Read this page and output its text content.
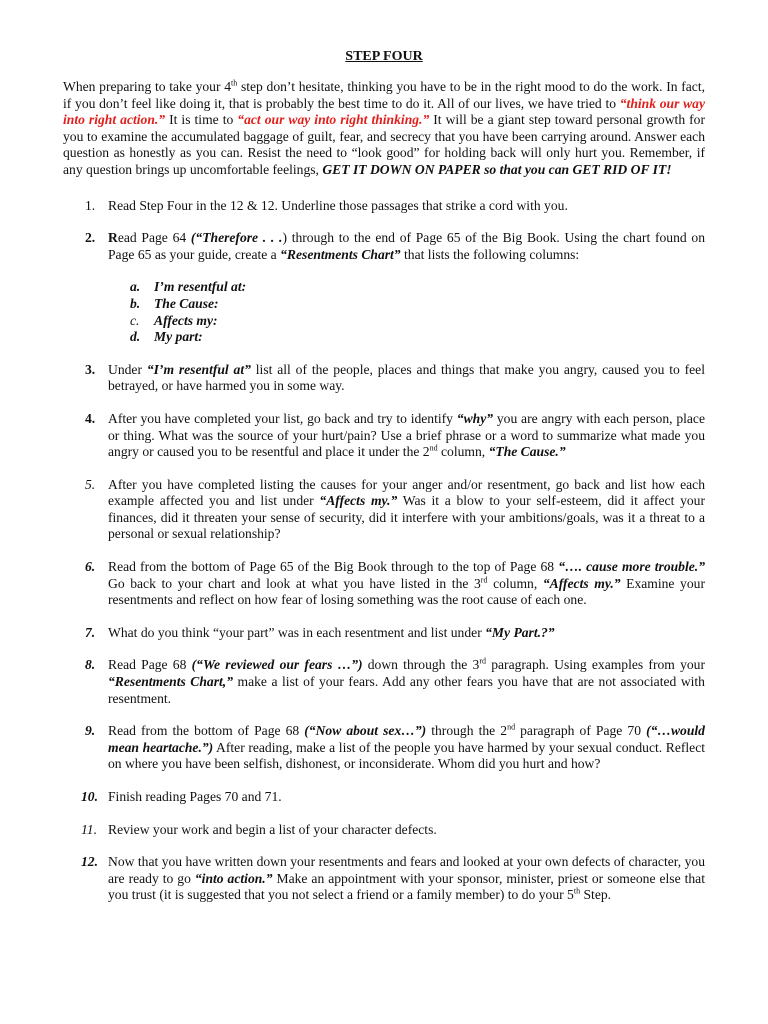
STEP FOUR

When preparing to take your 4th step don’t hesitate, thinking you have to be in the right mood to do the work. In fact, if you don’t feel like doing it, that is probably the best time to do it. All of our lives, we have tried to “think our way into right action.” It is time to “act our way into right thinking.” It will be a giant step toward personal growth for you to examine the accumulated baggage of guilt, fear, and secrecy that you have been carrying around. Answer each question as honestly as you can. Resist the need to “look good” for holding back will only hurt you. Remember, if any question brings up uncomfortable feelings, GET IT DOWN ON PAPER so that you can GET RID OF IT!

1. Read Step Four in the 12 & 12. Underline those passages that strike a cord with you.
2. Read Page 64 (“Therefore . . .) through to the end of Page 65 of the Big Book. Using the chart found on Page 65 as your guide, create a “Resentments Chart” that lists the following columns:
a. I’m resentful at:
b. The Cause:
c. Affects my:
d. My part:
3. Under “I’m resentful at” list all of the people, places and things that make you angry, caused you to feel betrayed, or have harmed you in some way.
4. After you have completed your list, go back and try to identify “why” you are angry with each person, place or thing. What was the source of your hurt/pain? Use a brief phrase or a word to summarize what made you angry or caused you to be resentful and place it under the 2nd column, “The Cause.”
5. After you have completed listing the causes for your anger and/or resentment, go back and list how each example affected you and list under “Affects my.” Was it a blow to your self-esteem, did it affect your finances, did it threaten your sense of security, did it interfere with your ambitions/goals, was it a threat to a personal or sexual relationship?
6. Read from the bottom of Page 65 of the Big Book through to the top of Page 68 “…. cause more trouble.” Go back to your chart and look at what you have listed in the 3rd column, “Affects my.” Examine your resentments and reflect on how fear of losing something was the root cause of each one.
7. What do you think “your part” was in each resentment and list under “My Part.?”
8. Read Page 68 (“We reviewed our fears …”) down through the 3rd paragraph. Using examples from your “Resentments Chart,” make a list of your fears. Add any other fears you have that are not associated with resentment.
9. Read from the bottom of Page 68 (“Now about sex…”) through the 2nd paragraph of Page 70 (“…would mean heartache.”) After reading, make a list of the people you have harmed by your sexual conduct. Reflect on where you have been selfish, dishonest, or inconsiderate. Whom did you hurt and how?
10. Finish reading Pages 70 and 71.
11. Review your work and begin a list of your character defects.
12. Now that you have written down your resentments and fears and looked at your own defects of character, you are ready to go “into action.” Make an appointment with your sponsor, minister, priest or someone else that you trust (it is suggested that you not select a friend or a family member) to do your 5th Step.
